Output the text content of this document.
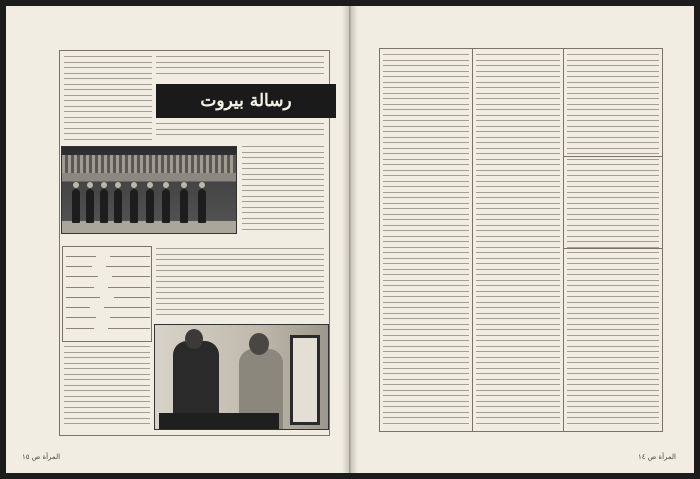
رسالة بيروت
المرأة ص ١٥	المرأة ص ١٤
